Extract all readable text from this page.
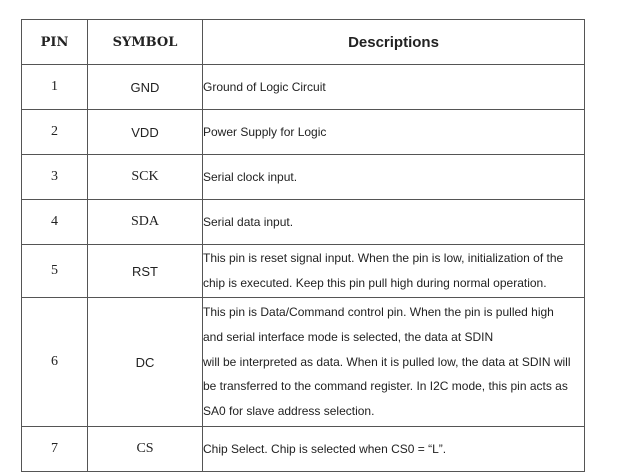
PIN	SYMBOL	Descriptions
1	GND	Ground of Logic Circuit

2	VDD	Power Supply for Logic

3	SCK	Serial clock input.

4	SDA	Serial data input.

5	RST	This pin is reset signal input. When the pin is low, initialization of the
chip is executed. Keep this pin pull high during normal operation.

6	DC	This pin is Data/Command control pin. When the pin is pulled high
and serial interface mode is selected, the data at SDIN
will be interpreted as data. When it is pulled low, the data at SDIN will
be transferred to the command register. In I2C mode, this pin acts as
SA0 for slave address selection.

7	CS	Chip Select. Chip is selected when CS0 = “L”.
